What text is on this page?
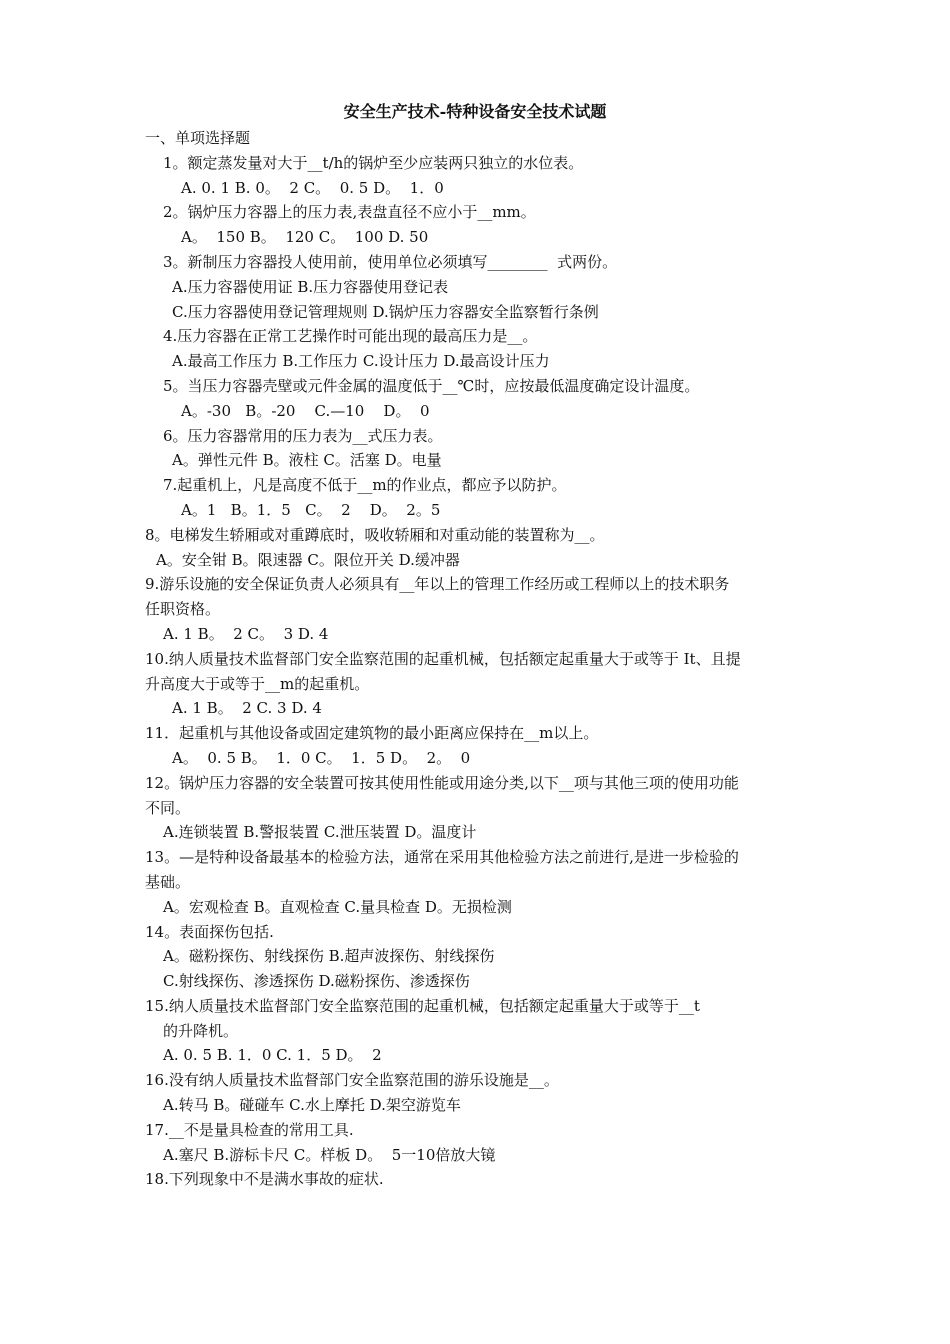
安全生产技术-特种设备安全技术试题
一、单项选择题
1。额定蒸发量对大于__t/h的锅炉至少应装两只独立的水位表。
A. 0. 1 B. 0。  2 C。  0. 5 D。  1．0
2。锅炉压力容器上的压力表,表盘直径不应小于__mm。
A。  150 B。  120 C。  100 D. 50
3。新制压力容器投人使用前，使用单位必须填写________  式两份。
A.压力容器使用证 B.压力容器使用登记表
C.压力容器使用登记管理规则 D.锅炉压力容器安全监察暂行条例
4.压力容器在正常工艺操作时可能出现的最高压力是__。
A.最高工作压力 B.工作压力 C.设计压力 D.最高设计压力
5。当压力容器壳壁或元件金属的温度低于__℃时，应按最低温度确定设计温度。
A。-30   B。-20    C.—10    D。  0
6。压力容器常用的压力表为__式压力表。
A。弹性元件 B。液柱 C。活塞 D。电量
7.起重机上，凡是高度不低于__m的作业点，都应予以防护。
A。1   B。1．5   C。  2    D。  2。5
8。电梯发生轿厢或对重蹲底时，吸收轿厢和对重动能的装置称为__。
A。安全钳 B。限速器 C。限位开关 D.缓冲器
9.游乐设施的安全保证负责人必须具有__年以上的管理工作经历或工程师以上的技术职务
任职资格。
A. 1 B。  2 C。  3 D. 4
10.纳人质量技术监督部门安全监察范围的起重机械，包括额定起重量大于或等于 It、且提
升高度大于或等于__m的起重机。
A. 1 B。  2 C. 3 D. 4
11．起重机与其他设备或固定建筑物的最小距离应保持在__m以上。
A。  0. 5 B。  1．0 C。  1．5 D。  2。  0
12。锅炉压力容器的安全装置可按其使用性能或用途分类,以下__项与其他三项的使用功能
不同。
A.连锁装置 B.警报装置 C.泄压装置 D。温度计
13。—是特种设备最基本的检验方法，通常在采用其他检验方法之前进行,是进一步检验的
基础。
A。宏观检查 B。直观检查 C.量具检查 D。无损检测
14。表面探伤包括.
A。磁粉探伤、射线探伤 B.超声波探伤、射线探伤
C.射线探伤、渗透探伤 D.磁粉探伤、渗透探伤
15.纳人质量技术监督部门安全监察范围的起重机械，包括额定起重量大于或等于__t
的升降机。
A. 0. 5 B. 1．0 C. 1．5 D。  2
16.没有纳人质量技术监督部门安全监察范围的游乐设施是__。
A.转马 B。碰碰车 C.水上摩托 D.架空游览车
17.__不是量具检查的常用工具.
A.塞尺 B.游标卡尺 C。样板 D。  5一10倍放大镜
18.下列现象中不是满水事故的症状.
